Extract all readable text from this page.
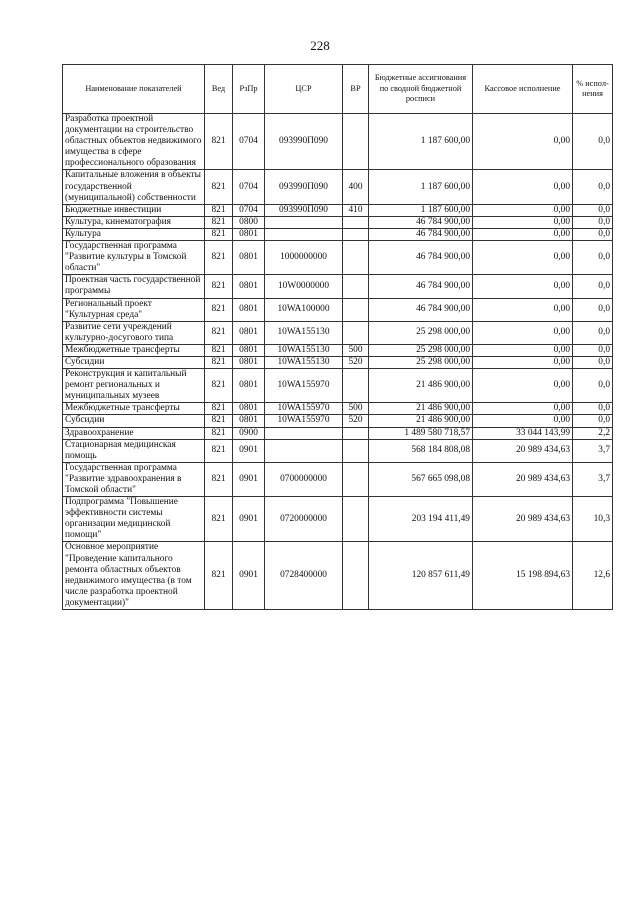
228
Наименование показателей	Вед	РзПр	ЦСР	ВР	Бюджетные ассигнования по сводной бюджетной росписи	Кассовое исполнение	% испол-нения
Разработка проектной документации на строительство областных объектов недвижимого имущества в сфере профессионального образования	821	0704	093990П090		1 187 600,00	0,00	0,0
Капитальные вложения в объекты государственной (муниципальной) собственности	821	0704	093990П090	400	1 187 600,00	0,00	0,0
Бюджетные инвестиции	821	0704	093990П090	410	1 187 600,00	0,00	0,0
Культура, кинематография	821	0800			46 784 900,00	0,00	0,0
Культура	821	0801			46 784 900,00	0,00	0,0
Государственная программа "Развитие культуры в Томской области"	821	0801	1000000000		46 784 900,00	0,00	0,0
Проектная часть государственной программы	821	0801	10W0000000		46 784 900,00	0,00	0,0
Региональный проект "Культурная среда"	821	0801	10WA100000		46 784 900,00	0,00	0,0
Развитие сети учреждений культурно-досугового типа	821	0801	10WA155130		25 298 000,00	0,00	0,0
Межбюджетные трансферты	821	0801	10WA155130	500	25 298 000,00	0,00	0,0
Субсидии	821	0801	10WA155130	520	25 298 000,00	0,00	0,0
Реконструкция и капитальный ремонт региональных и муниципальных музеев	821	0801	10WA155970		21 486 900,00	0,00	0,0
Межбюджетные трансферты	821	0801	10WA155970	500	21 486 900,00	0,00	0,0
Субсидии	821	0801	10WA155970	520	21 486 900,00	0,00	0,0
Здравоохранение	821	0900			1 489 580 718,57	33 044 143,99	2,2
Стационарная медицинская помощь	821	0901			568 184 808,08	20 989 434,63	3,7
Государственная программа "Развитие здравоохранения в Томской области"	821	0901	0700000000		567 665 098,08	20 989 434,63	3,7
Подпрограмма "Повышение эффективности системы организации медицинской помощи"	821	0901	0720000000		203 194 411,49	20 989 434,63	10,3
Основное мероприятие "Проведение капитального ремонта областных объектов недвижимого имущества (в том числе разработка проектной документации)"	821	0901	0728400000		120 857 611,49	15 198 894,63	12,6
